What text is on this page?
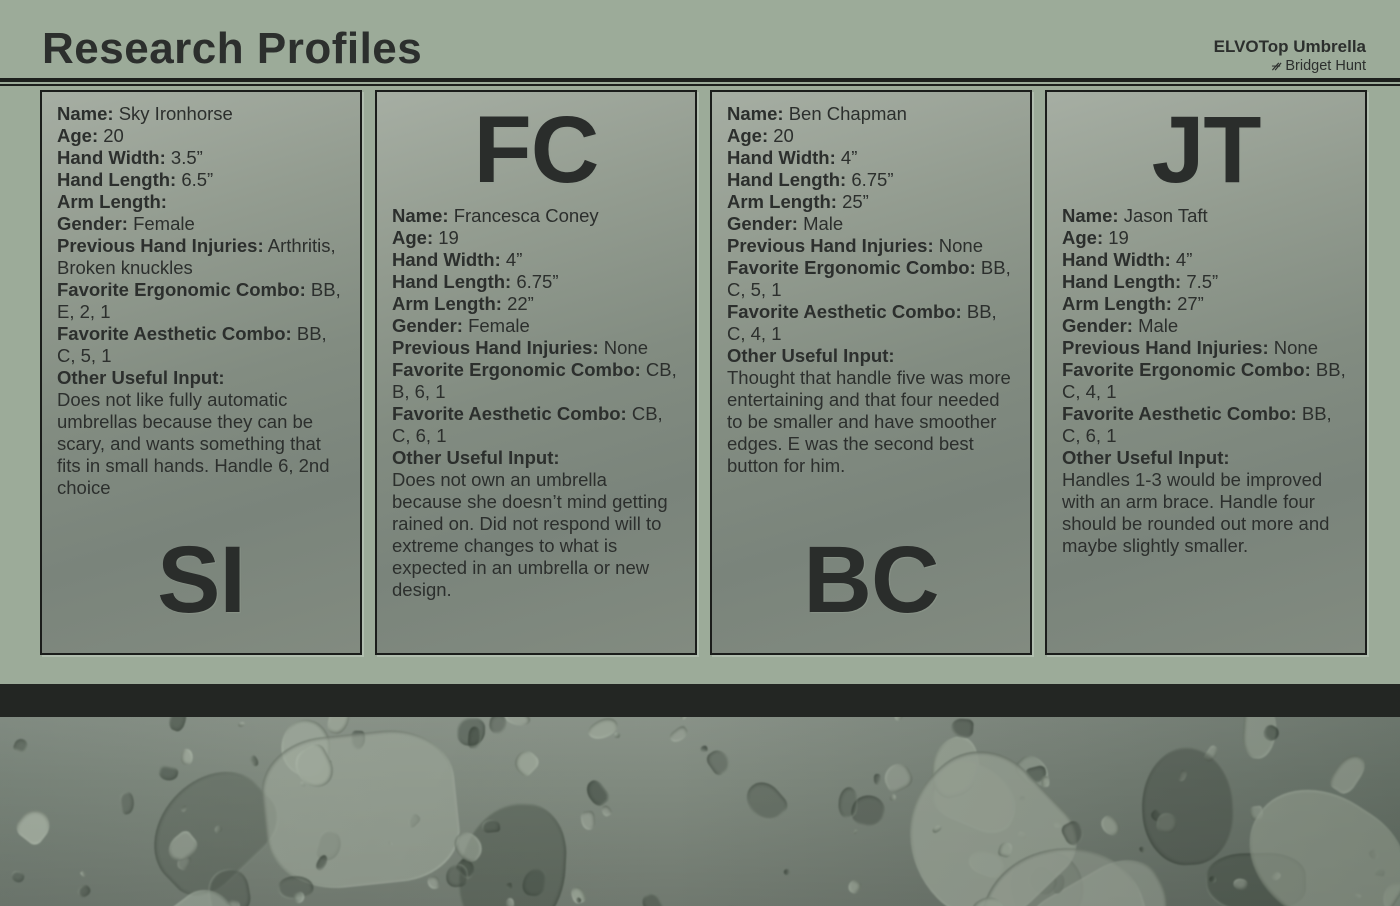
Research Profiles	ELVOTop Umbrella
Bridget Hunt
SI
Name: Sky Ironhorse
Age: 20
Hand Width: 3.5”
Hand Length: 6.5”
Arm Length:
Gender: Female
Previous Hand Injuries: Arthritis, Broken knuckles
Favorite Ergonomic Combo: BB, E, 2, 1
Favorite Aesthetic Combo: BB, C, 5, 1
Other Useful Input:
Does not like fully automatic umbrellas because they can be scary, and wants something that fits in small hands. Handle 6, 2nd choice
FC
Name: Francesca Coney
Age: 19
Hand Width: 4”
Hand Length: 6.75”
Arm Length: 22”
Gender: Female
Previous Hand Injuries: None
Favorite Ergonomic Combo: CB, B, 6, 1
Favorite Aesthetic Combo: CB, C, 6, 1
Other Useful Input:
Does not own an umbrella because she doesn’t mind getting rained on. Did not respond will to extreme changes to what is expected in an umbrella or new design.	BC
Name: Ben Chapman
Age: 20
Hand Width: 4”
Hand Length: 6.75”
Arm Length: 25”
Gender: Male
Previous Hand Injuries: None
Favorite Ergonomic Combo: BB, C, 5, 1
Favorite Aesthetic Combo: BB, C, 4, 1
Other Useful Input:
Thought that handle five was more entertaining and that four needed to be smaller and have smoother edges. E was the second best button for him.
JT
Name: Jason Taft
Age: 19
Hand Width: 4”
Hand Length: 7.5”
Arm Length: 27”
Gender: Male
Previous Hand Injuries: None
Favorite Ergonomic Combo: BB, C, 4, 1
Favorite Aesthetic Combo: BB, C, 6, 1
Other Useful Input:
Handles 1-3 would be improved with an arm brace. Handle four should be rounded out more and maybe slightly smaller.
